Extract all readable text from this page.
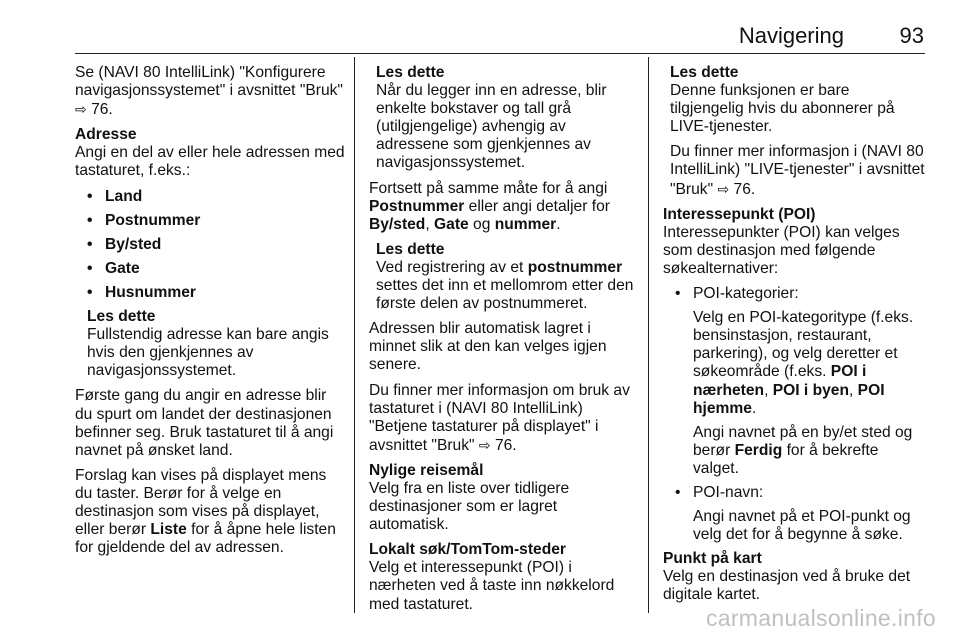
Navigering	93

Se (NAVI 80 IntelliLink) "Konfigurere navigasjonssystemet" i avsnittet "Bruk" ⇨ 76.

Adresse
Angi en del av eller hele adressen med tastaturet, f.eks.:
• Land
• Postnummer
• By/sted
• Gate
• Husnummer
Les dette
Fullstendig adresse kan bare angis hvis den gjenkjennes av navigasjonssystemet.

Første gang du angir en adresse blir du spurt om landet der destinasjonen befinner seg. Bruk tastaturet til å angi navnet på ønsket land.

Forslag kan vises på displayet mens du taster. Berør for å velge en destinasjon som vises på displayet, eller berør Liste for å åpne hele listen for gjeldende del av adressen.

Les dette
Når du legger inn en adresse, blir enkelte bokstaver og tall grå (utilgjengelige) avhengig av adressene som gjenkjennes av navigasjonssystemet.

Fortsett på samme måte for å angi Postnummer eller angi detaljer for By/sted, Gate og nummer.

Les dette
Ved registrering av et postnummer settes det inn et mellomrom etter den første delen av postnummeret.

Adressen blir automatisk lagret i minnet slik at den kan velges igjen senere.

Du finner mer informasjon om bruk av tastaturet i (NAVI 80 IntelliLink) "Betjene tastaturer på displayet" i avsnittet "Bruk" ⇨ 76.

Nylige reisemål
Velg fra en liste over tidligere destinasjoner som er lagret automatisk.
Lokalt søk/TomTom-steder
Velg et interessepunkt (POI) i nærheten ved å taste inn nøkkelord med tastaturet.
Les dette
Denne funksjonen er bare tilgjengelig hvis du abonnerer på LIVE-tjenester.
Du finner mer informasjon i (NAVI 80 IntelliLink) "LIVE-tjenester" i avsnittet "Bruk" ⇨ 76.
Interessepunkt (POI)
Interessepunkter (POI) kan velges som destinasjon med følgende søkealternativer:
• POI-kategorier:
Velg en POI-kategoritype (f.eks. bensinstasjon, restaurant, parkering), og velg deretter et søkeområde (f.eks. POI i nærheten, POI i byen, POI hjemme.
Angi navnet på en by/et sted og berør Ferdig for å bekrefte valget.
• POI-navn:
Angi navnet på et POI-punkt og velg det for å begynne å søke.
Punkt på kart
Velg en destinasjon ved å bruke det digitale kartet.
carmanualsonline.info
